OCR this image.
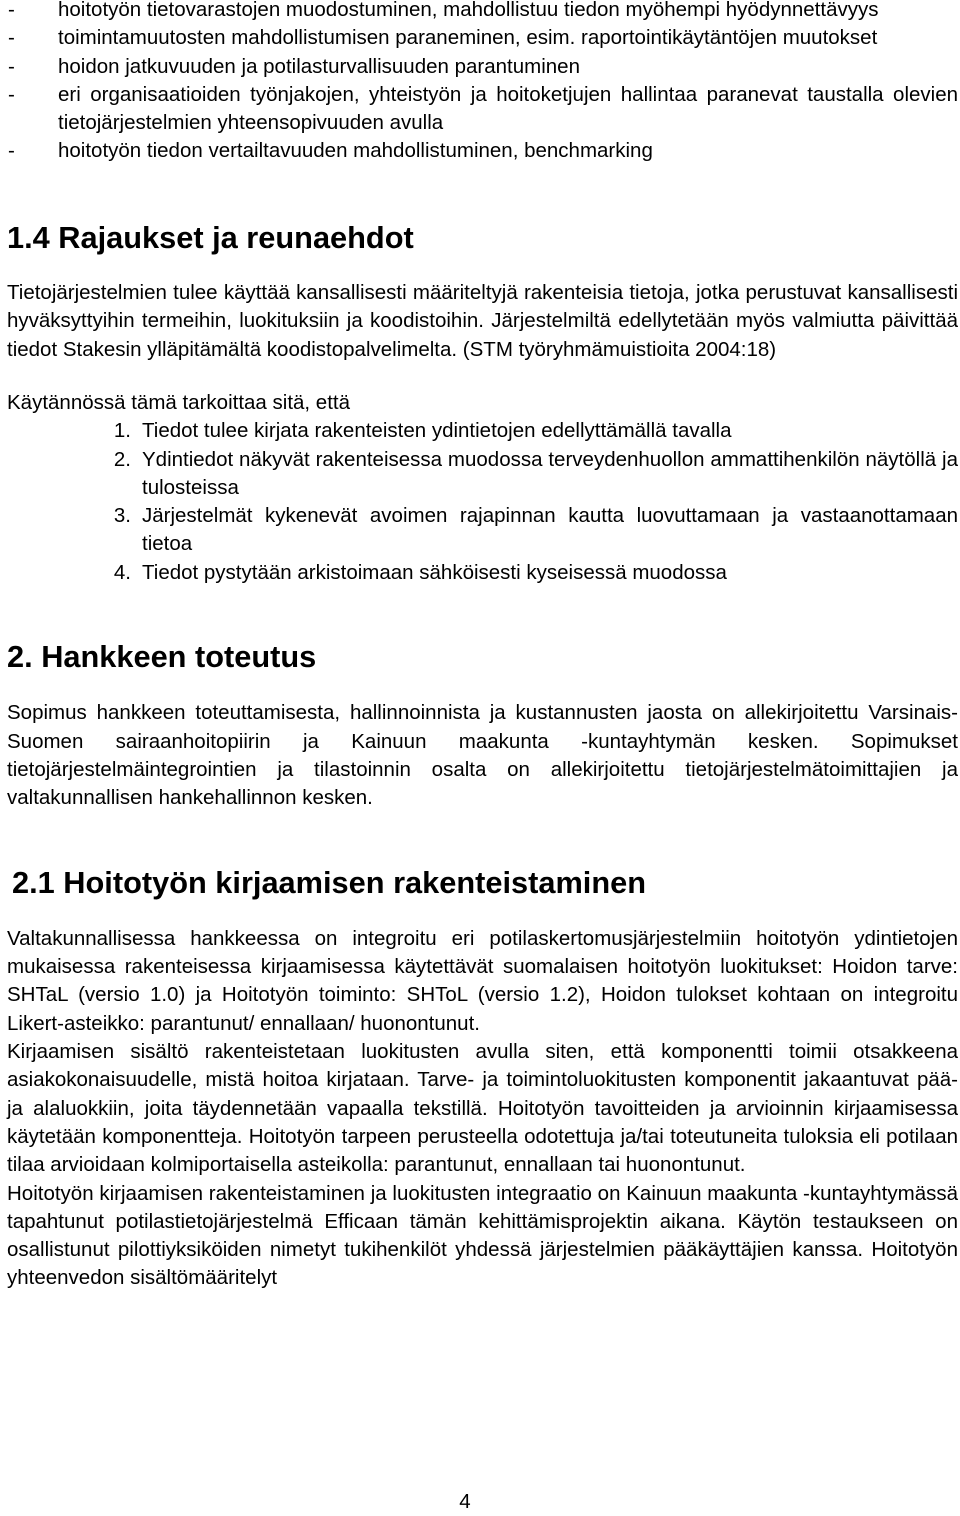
-	hoitotyön tietovarastojen muodostuminen, mahdollistuu tiedon myöhempi hyödynnettävyys
-	toimintamuutosten mahdollistumisen paraneminen, esim. raportointikäytäntöjen muutokset
-	hoidon jatkuvuuden ja potilasturvallisuuden parantuminen
-	eri organisaatioiden työnjakojen, yhteistyön ja hoitoketjujen hallintaa paranevat taustalla olevien tietojärjestelmien yhteensopivuuden avulla
-	hoitotyön tiedon vertailtavuuden mahdollistuminen, benchmarking
1.4 Rajaukset ja reunaehdot

Tietojärjestelmien tulee käyttää kansallisesti määriteltyjä rakenteisia tietoja, jotka perustuvat kansallisesti hyväksyttyihin termeihin, luokituksiin ja koodistoihin. Järjestelmiltä edellytetään myös valmiutta päivittää tiedot Stakesin ylläpitämältä koodistopalvelimelta. (STM työryhmämuistioita 2004:18)

Käytännössä tämä tarkoittaa sitä, että

1. Tiedot tulee kirjata rakenteisten ydintietojen edellyttämällä tavalla
2. Ydintiedot näkyvät rakenteisessa muodossa terveydenhuollon ammattihenkilön näytöllä ja tulosteissa
3. Järjestelmät kykenevät avoimen rajapinnan kautta luovuttamaan ja vastaanottamaan tietoa
4. Tiedot pystytään arkistoimaan sähköisesti kyseisessä muodossa
2. Hankkeen toteutus

Sopimus hankkeen toteuttamisesta, hallinnoinnista ja kustannusten jaosta on allekirjoitettu Varsinais-Suomen sairaanhoitopiirin ja Kainuun maakunta -kuntayhtymän kesken. Sopimukset tietojärjestelmäintegrointien ja tilastoinnin osalta on allekirjoitettu tietojärjestelmätoimittajien ja valtakunnallisen hankehallinnon kesken.

2.1 Hoitotyön kirjaamisen rakenteistaminen

Valtakunnallisessa hankkeessa on integroitu eri potilaskertomusjärjestelmiin hoitotyön ydintietojen mukaisessa rakenteisessa kirjaamisessa käytettävät suomalaisen hoitotyön luokitukset: Hoidon tarve: SHTaL (versio 1.0) ja Hoitotyön toiminto: SHToL (versio 1.2), Hoidon tulokset kohtaan on integroitu Likert-asteikko: parantunut/ ennallaan/ huonontunut.

Kirjaamisen sisältö rakenteistetaan luokitusten avulla siten, että komponentti toimii otsakkeena asiakokonaisuudelle, mistä hoitoa kirjataan. Tarve- ja toimintoluokitusten komponentit jakaantuvat pää- ja alaluokkiin, joita täydennetään vapaalla tekstillä. Hoitotyön tavoitteiden ja arvioinnin kirjaamisessa käytetään komponentteja. Hoitotyön tarpeen perusteella odotettuja ja/tai toteutuneita tuloksia eli potilaan tilaa arvioidaan kolmiportaisella asteikolla: parantunut, ennallaan tai huonontunut.

Hoitotyön kirjaamisen rakenteistaminen ja luokitusten integraatio on Kainuun maakunta -kuntayhtymässä tapahtunut potilastietojärjestelmä Efficaan tämän kehittämisprojektin aikana. Käytön testaukseen on osallistunut pilottiyksiköiden nimetyt tukihenkilöt yhdessä järjestelmien pääkäyttäjien kanssa. Hoitotyön yhteenvedon sisältömääritelyt

4
